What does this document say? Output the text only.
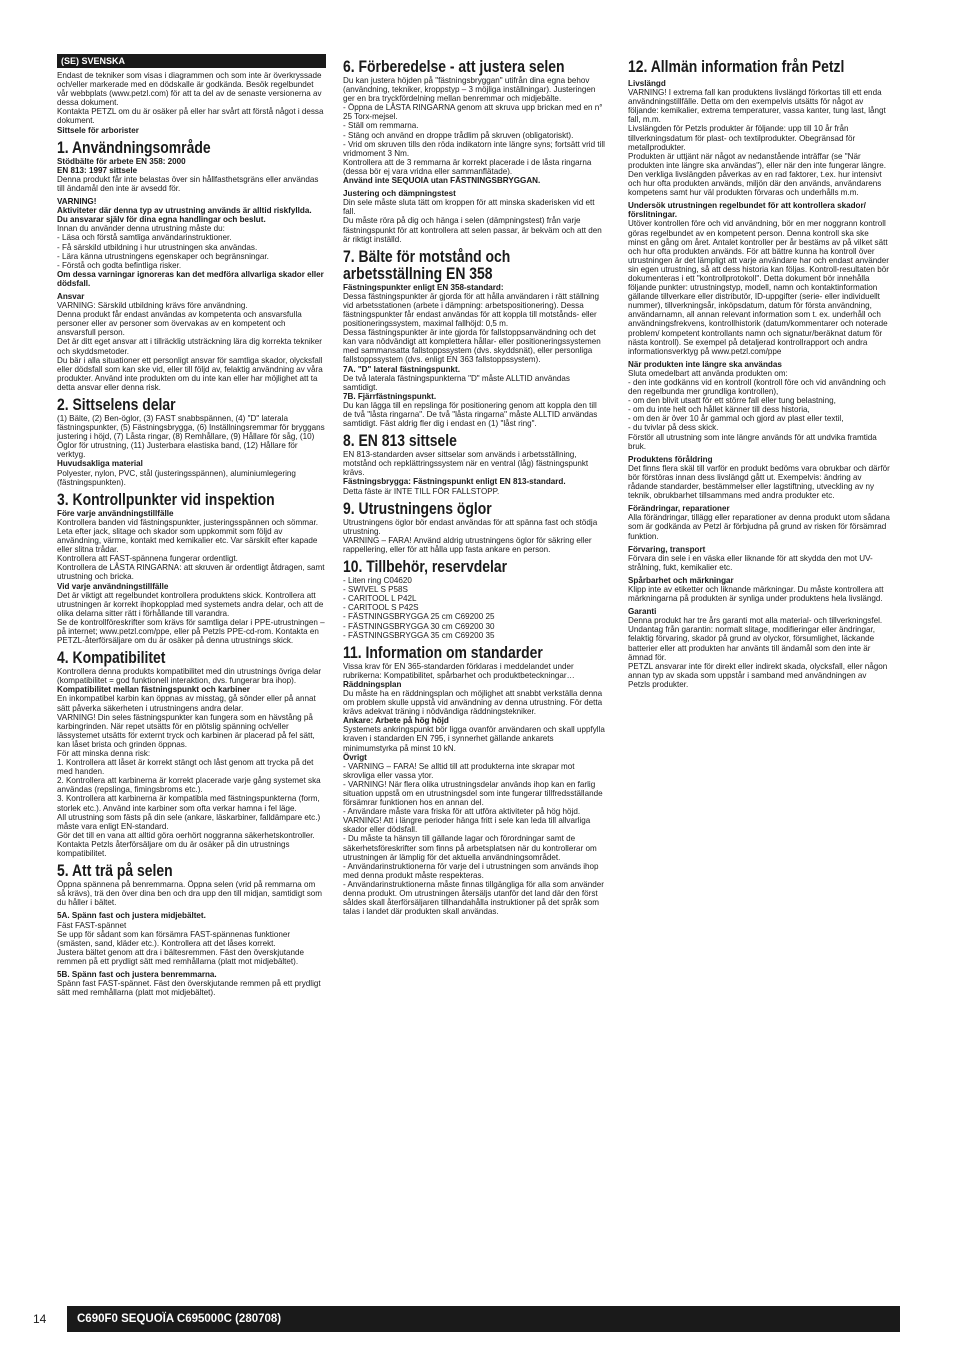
(SE) SVENSKA

Endast de tekniker som visas i diagrammen och som inte är överkryssade och/eller markerade med en dödskalle är godkända. Besök regelbundet vår webbplats (www.petzl.com) för att ta del av de senaste versionerna av dessa dokument.
Kontakta PETZL om du är osäker på eller har svårt att förstå något i dessa dokument.

Sittsele för arborister

1. Användningsområde

Stödbälte för arbete EN 358: 2000
EN 813: 1997 sittsele

Denna produkt får inte belastas över sin hållfasthetsgräns eller användas till ändamål den inte är avsedd för.

VARNING!

Aktiviteter där denna typ av utrustning används är alltid riskfyllda.
Du ansvarar själv för dina egna handlingar och beslut.

Innan du använder denna utrustning måste du:
- Läsa och förstå samtliga användarinstruktioner.
- Få särskild utbildning i hur utrustningen ska användas.
- Lära känna utrustningens egenskaper och begränsningar.
- Förstå och godta befintliga risker.

Om dessa varningar ignoreras kan det medföra allvarliga skador eller dödsfall.

Ansvar

VARNING: Särskild utbildning krävs före användning.
Denna produkt får endast användas av kompetenta och ansvarsfulla personer eller av personer som övervakas av en kompetent och ansvarsfull person.
Det är ditt eget ansvar att i tillräcklig utsträckning lära dig korrekta tekniker och skyddsmetoder.
Du bär i alla situationer ett personligt ansvar för samtliga skador, olycksfall eller dödsfall som kan ske vid, eller till följd av, felaktig användning av våra produkter. Använd inte produkten om du inte kan eller har möjlighet att ta detta ansvar eller denna risk.

2. Sittselens delar

(1) Bälte, (2) Ben-öglor, (3) FAST snabbspännen, (4) "D" laterala fästningspunkter, (5) Fästningsbrygga, (6) Inställningsremmar för bryggans justering i höjd, (7) Låsta ringar, (8) Remhållare, (9) Hållare för såg, (10) Öglor för utrustning, (11) Justerbara elastiska band, (12) Hållare för verktyg.

Huvudsakliga material

Polyester, nylon, PVC, stål (justeringsspännen), aluminiumlegering (fästningspunkten).

3. Kontrollpunkter vid inspektion

Före varje användningstillfälle

Kontrollera banden vid fästningspunkter, justeringsspännen och sömmar. Leta efter jack, slitage och skador som uppkommit som följd av användning, värme, kontakt med kemikalier etc. Var särskilt efter kapade eller slitna trådar.
Kontrollera att FAST-spännena fungerar ordentligt.
Kontrollera de LÅSTA RINGARNA: att skruven är ordentligt åtdragen, samt utrustning och bricka.

Vid varje användningstillfälle

Det är viktigt att regelbundet kontrollera produktens skick. Kontrollera att utrustningen är korrekt ihopkopplad med systemets andra delar, och att de olika delarna sitter rätt i förhållande till varandra.
Se de kontrollföreskrifter som krävs för samtliga delar i PPE-utrustningen – på internet; www.petzl.com/ppe, eller på Petzls PPE-cd-rom. Kontakta en PETZL-återförsäljare om du är osäker på denna utrustnings skick.

4. Kompatibilitet

Kontrollera denna produkts kompatibilitet med din utrustnings övriga delar (kompatibilitet = god funktionell interaktion, dvs. fungerar bra ihop).

Kompatibilitet mellan fästningspunkt och karbiner

En inkompatibel karbin kan öppnas av misstag, gå sönder eller på annat sätt påverka säkerheten i utrustningens andra delar.
VARNING! Din seles fästningspunkter kan fungera som en hävstång på karbingrinden. När repet utsätts för en plötslig spänning och/eller lässystemet utsätts för externt tryck och karbinen är placerad på fel sätt, kan låset brista och grinden öppnas.
För att minska denna risk:
1. Kontrollera att låset är korrekt stängt och låst genom att trycka på det med handen.
2. Kontrollera att karbinerna är korrekt placerade varje gång systemet ska användas (repslinga, fimingsbroms etc.).
3. Kontrollera att karbinerna är kompatibla med fästningspunkterna (form, storlek etc.). Använd inte karbiner som ofta verkar hamna i fel läge.
All utrustning som fästs på din sele (ankare, läskarbiner, falldämpare etc.) måste vara enligt EN-standard.
Gör det till en vana att alltid göra oerhört noggranna säkerhetskontroller. Kontakta Petzls återförsäljare om du är osäker på din utrustnings kompatibilitet.

5. Att trä på selen

Öppna spännena på benremmarna. Öppna selen (vrid på remmarna om så krävs), trä den över dina ben och dra upp den till midjan, samtidigt som du håller i bältet.

5A. Spänn fast och justera midjebältet.

Fäst FAST-spännet
Se upp för sådant som kan försämra FAST-spännenas funktioner (smästen, sand, kläder etc.). Kontrollera att det låses korrekt.
Justera bältet genom att dra i bältesremmen. Fäst den överskjutande remmen på ett prydligt sätt med remhållarna (platt mot midjebältet).

5B. Spänn fast och justera benremmarna.

Spänn fast FAST-spännet. Fäst den överskjutande remmen på ett prydligt sätt med remhållarna (platt mot midjebältet).

6. Förberedelse - att justera selen

Du kan justera höjden på "fästningsbryggan" utifrån dina egna behov (användning, tekniker, kroppstyp – 3 möjliga inställningar). Justeringen ger en bra tryckfördelning mellan benremmar och midjebälte.
- Öppna de LÅSTA RINGARNA genom att skruva upp brickan med en n° 25 Torx-mejsel.
- Ställ om remmarna.
- Stäng och använd en droppe trådlim på skruven (obligatoriskt).
- Vrid om skruven tills den röda indikatorn inte längre syns; fortsätt vrid till vridmoment 3 Nm.
Kontrollera att de 3 remmarna är korrekt placerade i de låsta ringarna (dessa bör ej vara vridna eller sammanflätade).

Använd inte SEQUOIA utan FÄSTNINGSBRYGGAN.

Justering och dämpningstest

Din sele måste sluta tätt om kroppen för att minska skaderisken vid ett fall.
Du måste röra på dig och hänga i selen (dämpningstest) från varje fästningspunkt för att kontrollera att selen passar, är bekväm och att den är riktigt inställd.

7. Bälte för motstånd och arbetsställning EN 358

Fästningspunkter enligt EN 358-standard:

Dessa fästningspunkter är gjorda för att hålla användaren i rätt ställning vid arbetsstationen (arbete i dämpning: arbetspositionering). Dessa fästningspunkter får endast användas för att koppla till motstånds- eller positioneringssystem, maximal fallhöjd: 0,5 m.
Dessa fästningspunkter är inte gjorda för fallstoppsanvändning och det kan vara nödvändigt att komplettera hållar- eller positioneringssystemen med sammansatta fallstoppssystem (dvs. skyddsnät), eller personliga fallstoppssystem (dvs. enligt EN 363 fallstoppssystem).

7A. "D" lateral fästningspunkt.

De två laterala fästningspunkterna "D" måste ALLTID användas samtidigt.

7B. Fjärrfästningspunkt.

Du kan lägga till en repslinga för positionering genom att koppla den till de två "låsta ringarna". De två "låsta ringarna" måste ALLTID användas samtidigt. Fäst aldrig fler dig i endast en (1) "låst ring".

8. EN 813 sittsele

EN 813-standarden avser sittselar som används i arbetsställning, motstånd och repklättringssystem när en ventral (låg) fästningspunkt krävs.

Fästningsbrygga: Fästningspunkt enligt EN 813-standard.

Detta fäste är INTE TILL FÖR FALLSTOPP.

9. Utrustningens öglor

Utrustningens öglor bör endast användas för att spänna fast och stödja utrustning.
VARNING – FARA! Använd aldrig utrustningens öglor för säkring eller rappellering, eller för att hålla upp fasta ankare en person.

10. Tillbehör, reservdelar

- Liten ring C04620
- SWIVEL S P58S
- CARITOOL L P42L
- CARITOOL S P42S
- FÄSTNINGSBRYGGA 25 cm C69200 25
- FÄSTNINGSBRYGGA 30 cm C69200 30
- FÄSTNINGSBRYGGA 35 cm C69200 35

11. Information om standarder

Vissa krav för EN 365-standarden förklaras i meddelandet under rubrikerna: Kompatibilitet, spårbarhet och produktbeteckningar…

Räddningsplan

Du måste ha en räddningsplan och möjlighet att snabbt verkställa denna om problem skulle uppstå vid användning av denna utrustning. För detta krävs adekvat träning i nödvändiga räddningstekniker.

Ankare: Arbete på hög höjd

Systemets ankringspunkt bör ligga ovanför användaren och skall uppfylla kraven i standarden EN 795, i synnerhet gällande ankarets minimumstyrka på minst 10 kN.

Övrigt

- VARNING – FARA! Se alltid till att produkterna inte skrapar mot skrovliga eller vassa ytor.
- VARNING! När flera olika utrustningsdelar används ihop kan en farlig situation uppstå om en utrustningsdel som inte fungerar tillfredsställande försämrar funktionen hos en annan del.
- Användare måste vara friska för att utföra aktiviteter på hög höjd.
VARNING! Att i längre perioder hänga fritt i sele kan leda till allvarliga skador eller dödsfall.
- Du måste ta hänsyn till gällande lagar och förordningar samt de säkerhetsföreskrifter som finns på arbetsplatsen när du kontrollerar om utrustningen är lämplig för det aktuella användningsområdet.
- Användarinstruktionerna för varje del i utrustningen som används ihop med denna produkt måste respekteras.
- Användarinstruktionerna måste finnas tillgängliga för alla som använder denna produkt. Om utrustningen återsäljs utanför det land där den först såldes skall återförsäljaren tillhandahålla instruktioner på det språk som talas i landet där produkten skall användas.

12. Allmän information från Petzl

Livslängd

VARNING! I extrema fall kan produktens livslängd förkortas till ett enda användningstillfälle. Detta om den exempelvis utsätts för något av följande: kemikalier, extrema temperaturer, vassa kanter, tung last, långt fall, m.m.
Livslängden för Petzls produkter är följande: upp till 10 år från tillverkningsdatum för plast- och textilprodukter. Obegränsad för metallprodukter.
Produkten är uttjänt när något av nedanstående inträffar (se "När produkten inte längre ska användas"), eller när den inte fungerar längre. Den verkliga livslängden påverkas av en rad faktorer, t.ex. hur intensivt och hur ofta produkten används, miljön där den används, användarens kompetens samt hur väl produkten förvaras och underhålls m.m.

Undersök utrustningen regelbundet för att kontrollera skador/ förslitningar.

Utöver kontrollen före och vid användning, bör en mer noggrann kontroll göras regelbundet av en kompetent person. Denna kontroll ska ske minst en gång om året. Antalet kontroller per år bestäms av på vilket sätt och hur ofta produkten används. För att bättre kunna ha kontroll över utrustningen är det lämpligt att varje användare har och endast använder sin egen utrustning, så att dess historia kan följas. Kontroll-resultaten bör dokumenteras i ett "kontrollprotokoll". Detta dokument bör innehålla följande punkter: utrustningstyp, modell, namn och kontaktinformation gällande tillverkare eller distributör, ID-uppgifter (serie- eller individuellt nummer), tillverkningsår, inköpsdatum, datum för första användning, användarnamn, all annan relevant information som t. ex. underhåll och användningsfrekvens, kontrollhistorik (datum/kommentarer och noterade problem/ kompetent kontrollants namn och signatur/beräknat datum för nästa kontroll). Se exempel på detaljerad kontrollrapport och andra informationsverktyg på www.petzl.com/ppe

När produkten inte längre ska användas

Sluta omedelbart att använda produkten om:
- den inte godkänns vid en kontroll (kontroll före och vid användning och den regelbunda mer grundliga kontrollen),
- om den blivit utsatt för ett större fall eller tung belastning,
- om du inte helt och hållet känner till dess historia,
- om den är över 10 år gammal och gjord av plast eller textil,
- du tvivlar på dess skick.
Förstör all utrustning som inte längre används för att undvika framtida bruk.

Produktens föråldring

Det finns flera skäl till varför en produkt bedöms vara obrukbar och därför bör förstöras innan dess livslängd gått ut. Exempelvis: ändring av rådande standarder, bestämmelser eller lagstiftning, utveckling av ny teknik, obrukbarhet tillsammans med andra produkter etc.

Förändringar, reparationer

Alla förändringar, tillägg eller reparationer av denna produkt utom sådana som är godkända av Petzl är förbjudna på grund av risken för försämrad funktion.

Förvaring, transport

Förvara din sele i en väska eller liknande för att skydda den mot UV-strålning, fukt, kemikalier etc.

Spårbarhet och märkningar

Klipp inte av etiketter och liknande märkningar. Du måste kontrollera att märkningarna på produkten är synliga under produktens hela livslängd.

Garanti

Denna produkt har tre års garanti mot alla material- och tillverkningsfel. Undantag från garantin: normalt slitage, modifieringar eller ändringar, felaktig förvaring, skador på grund av olyckor, försumlighet, läckande batterier eller att produkten har använts till ändamål som den inte är ämnad för.
PETZL ansvarar inte för direkt eller indirekt skada, olycksfall, eller någon annan typ av skada som uppstår i samband med användningen av Petzls produkter.

14	C690F0 SEQUOÏA C695000C (280708)
